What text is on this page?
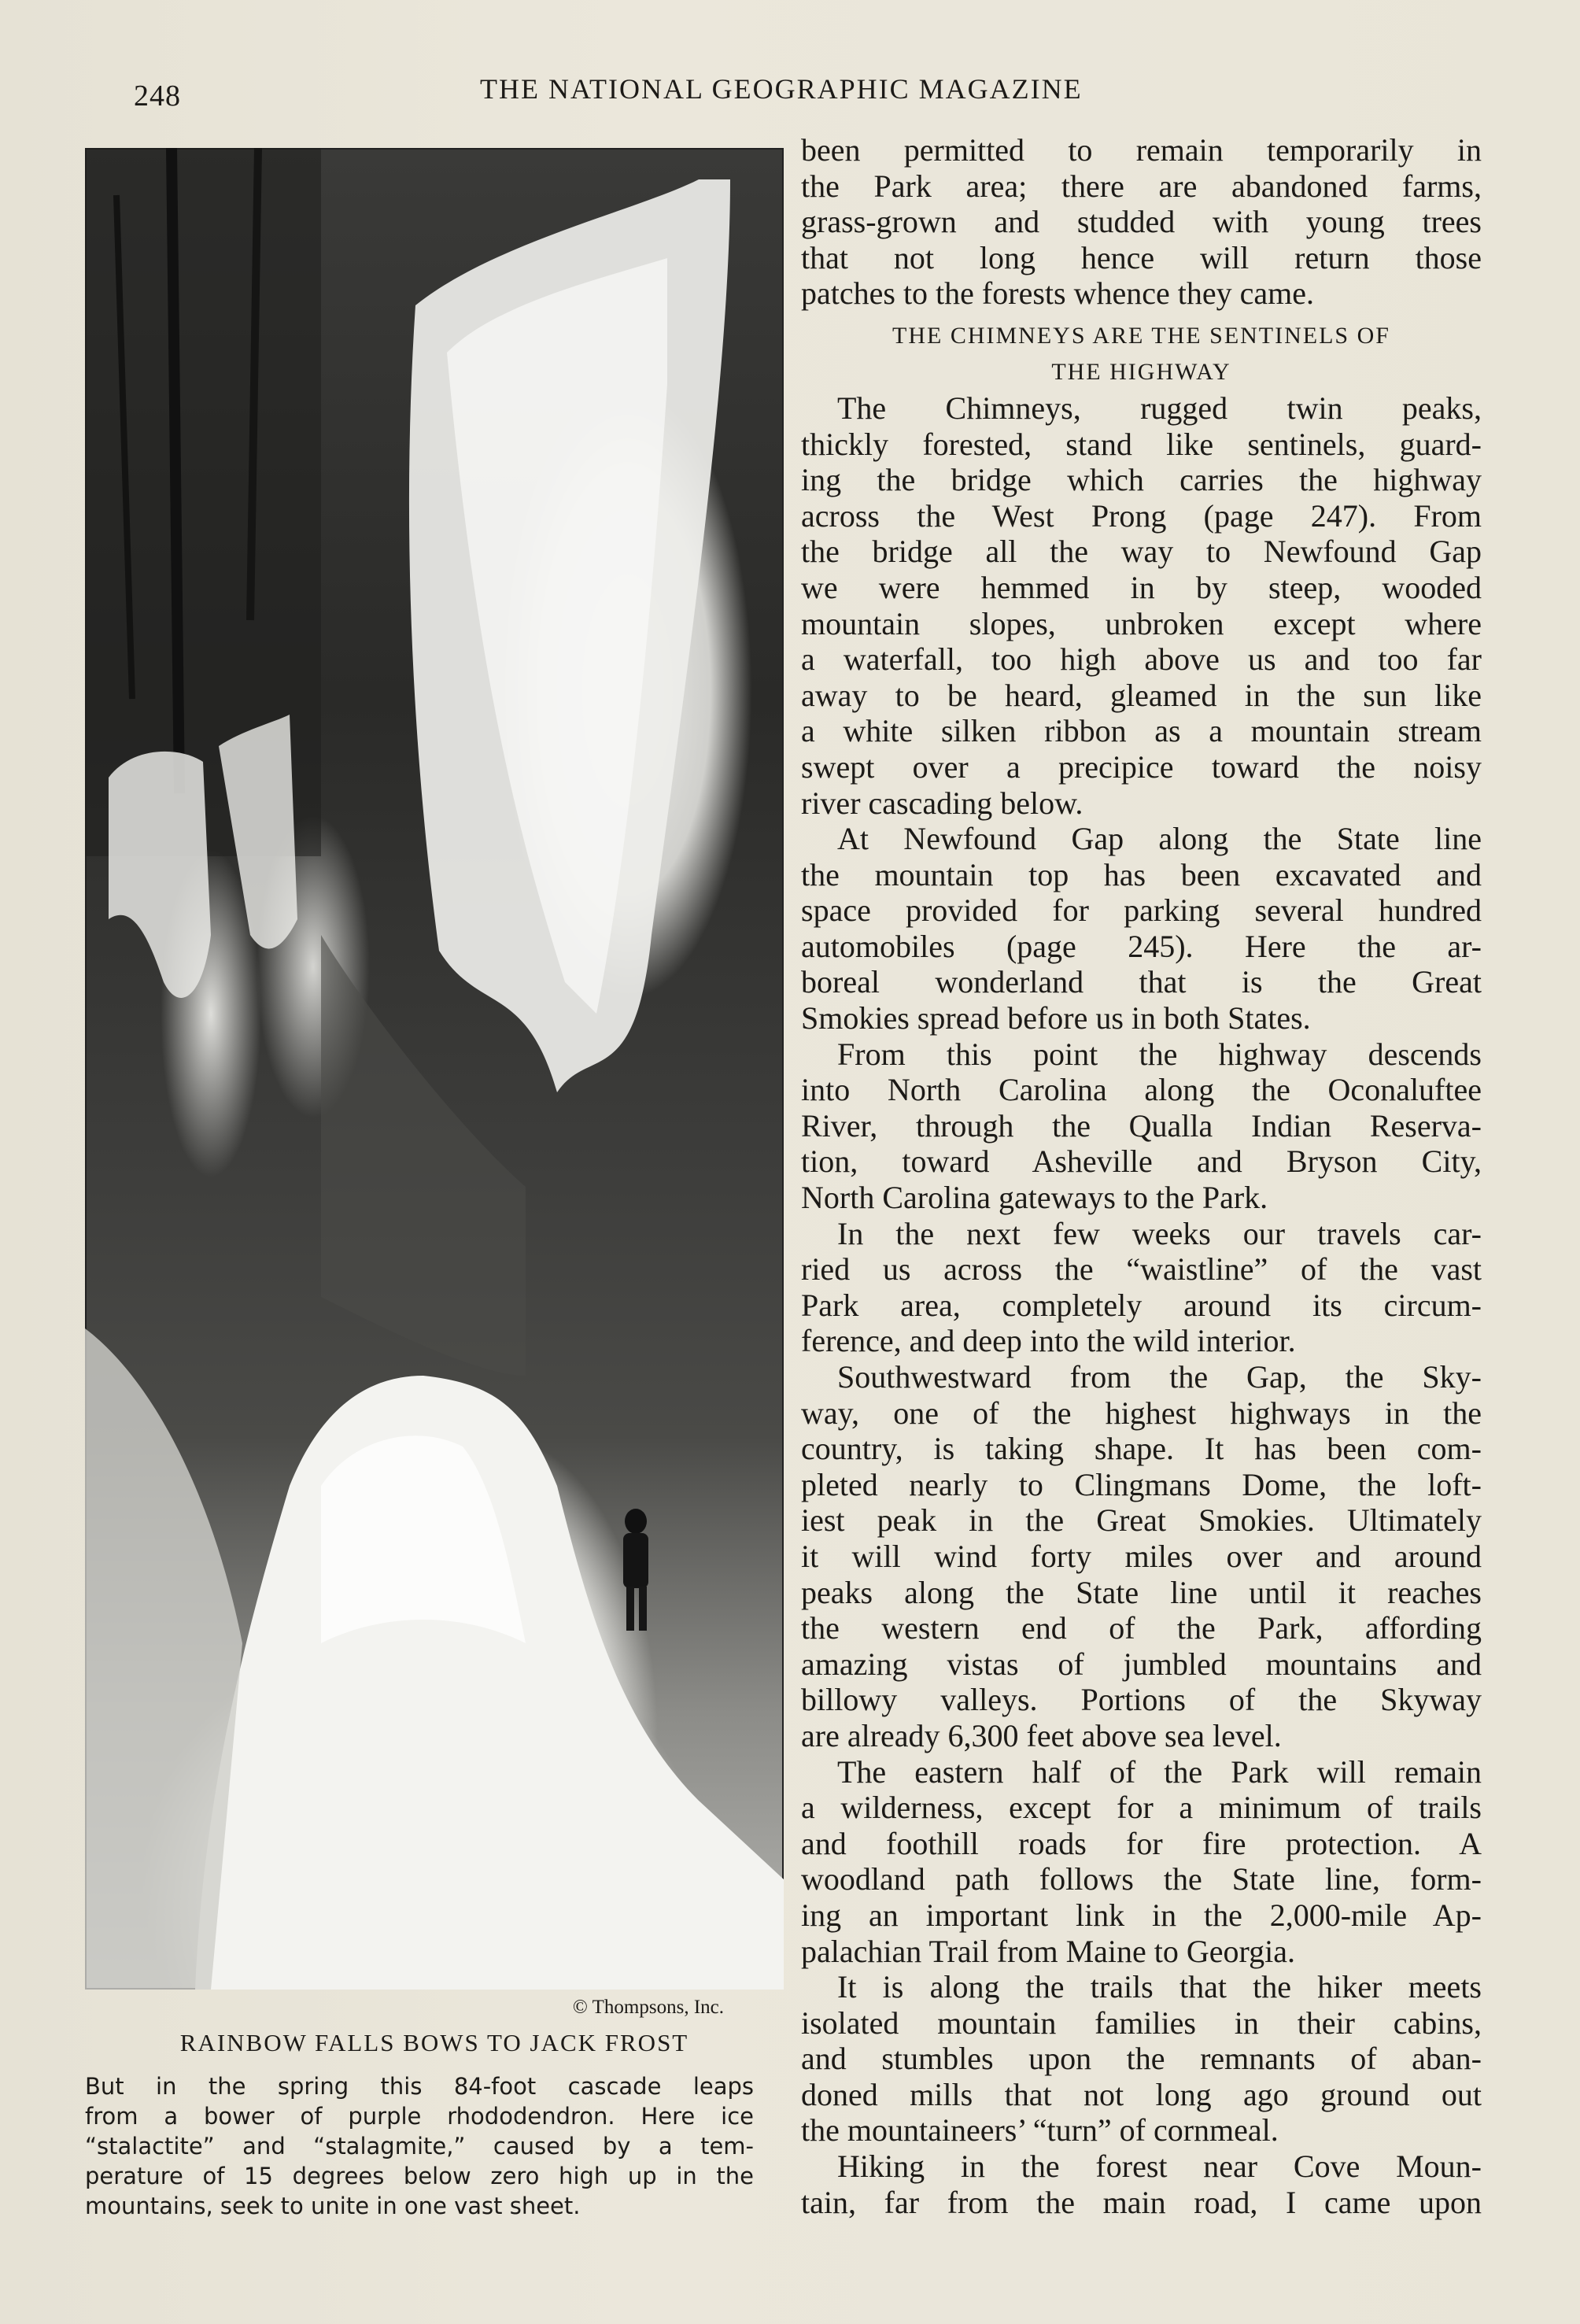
248	THE NATIONAL GEOGRAPHIC MAGAZINE
© Thompsons, Inc.
RAINBOW FALLS BOWS TO JACK FROST
But in the spring this 84-foot cascade leaps
from a bower of purple rhododendron. Here ice
“stalactite” and “stalagmite,” caused by a tem-
perature of 15 degrees below zero high up in the
mountains, seek to unite in one vast sheet.
been permitted to remain temporarily in
the Park area; there are abandoned farms,
grass-grown and studded with young trees
that not long hence will return those
patches to the forests whence they came.
THE CHIMNEYS ARE THE SENTINELS OF
THE HIGHWAY
The Chimneys, rugged twin peaks,
thickly forested, stand like sentinels, guard-
ing the bridge which carries the highway
across the West Prong (page 247). From
the bridge all the way to Newfound Gap
we were hemmed in by steep, wooded
mountain slopes, unbroken except where
a waterfall, too high above us and too far
away to be heard, gleamed in the sun like
a white silken ribbon as a mountain stream
swept over a precipice toward the noisy
river cascading below.
At Newfound Gap along the State line
the mountain top has been excavated and
space provided for parking several hundred
automobiles (page 245). Here the ar-
boreal wonderland that is the Great
Smokies spread before us in both States.
From this point the highway descends
into North Carolina along the Oconaluftee
River, through the Qualla Indian Reserva-
tion, toward Asheville and Bryson City,
North Carolina gateways to the Park.
In the next few weeks our travels car-
ried us across the “waistline” of the vast
Park area, completely around its circum-
ference, and deep into the wild interior.
Southwestward from the Gap, the Sky-
way, one of the highest highways in the
country, is taking shape. It has been com-
pleted nearly to Clingmans Dome, the loft-
iest peak in the Great Smokies. Ultimately
it will wind forty miles over and around
peaks along the State line until it reaches
the western end of the Park, affording
amazing vistas of jumbled mountains and
billowy valleys. Portions of the Skyway
are already 6,300 feet above sea level.
The eastern half of the Park will remain
a wilderness, except for a minimum of trails
and foothill roads for fire protection. A
woodland path follows the State line, form-
ing an important link in the 2,000-mile Ap-
palachian Trail from Maine to Georgia.
It is along the trails that the hiker meets
isolated mountain families in their cabins,
and stumbles upon the remnants of aban-
doned mills that not long ago ground out
the mountaineers’ “turn” of cornmeal.
Hiking in the forest near Cove Moun-
tain, far from the main road, I came upon
